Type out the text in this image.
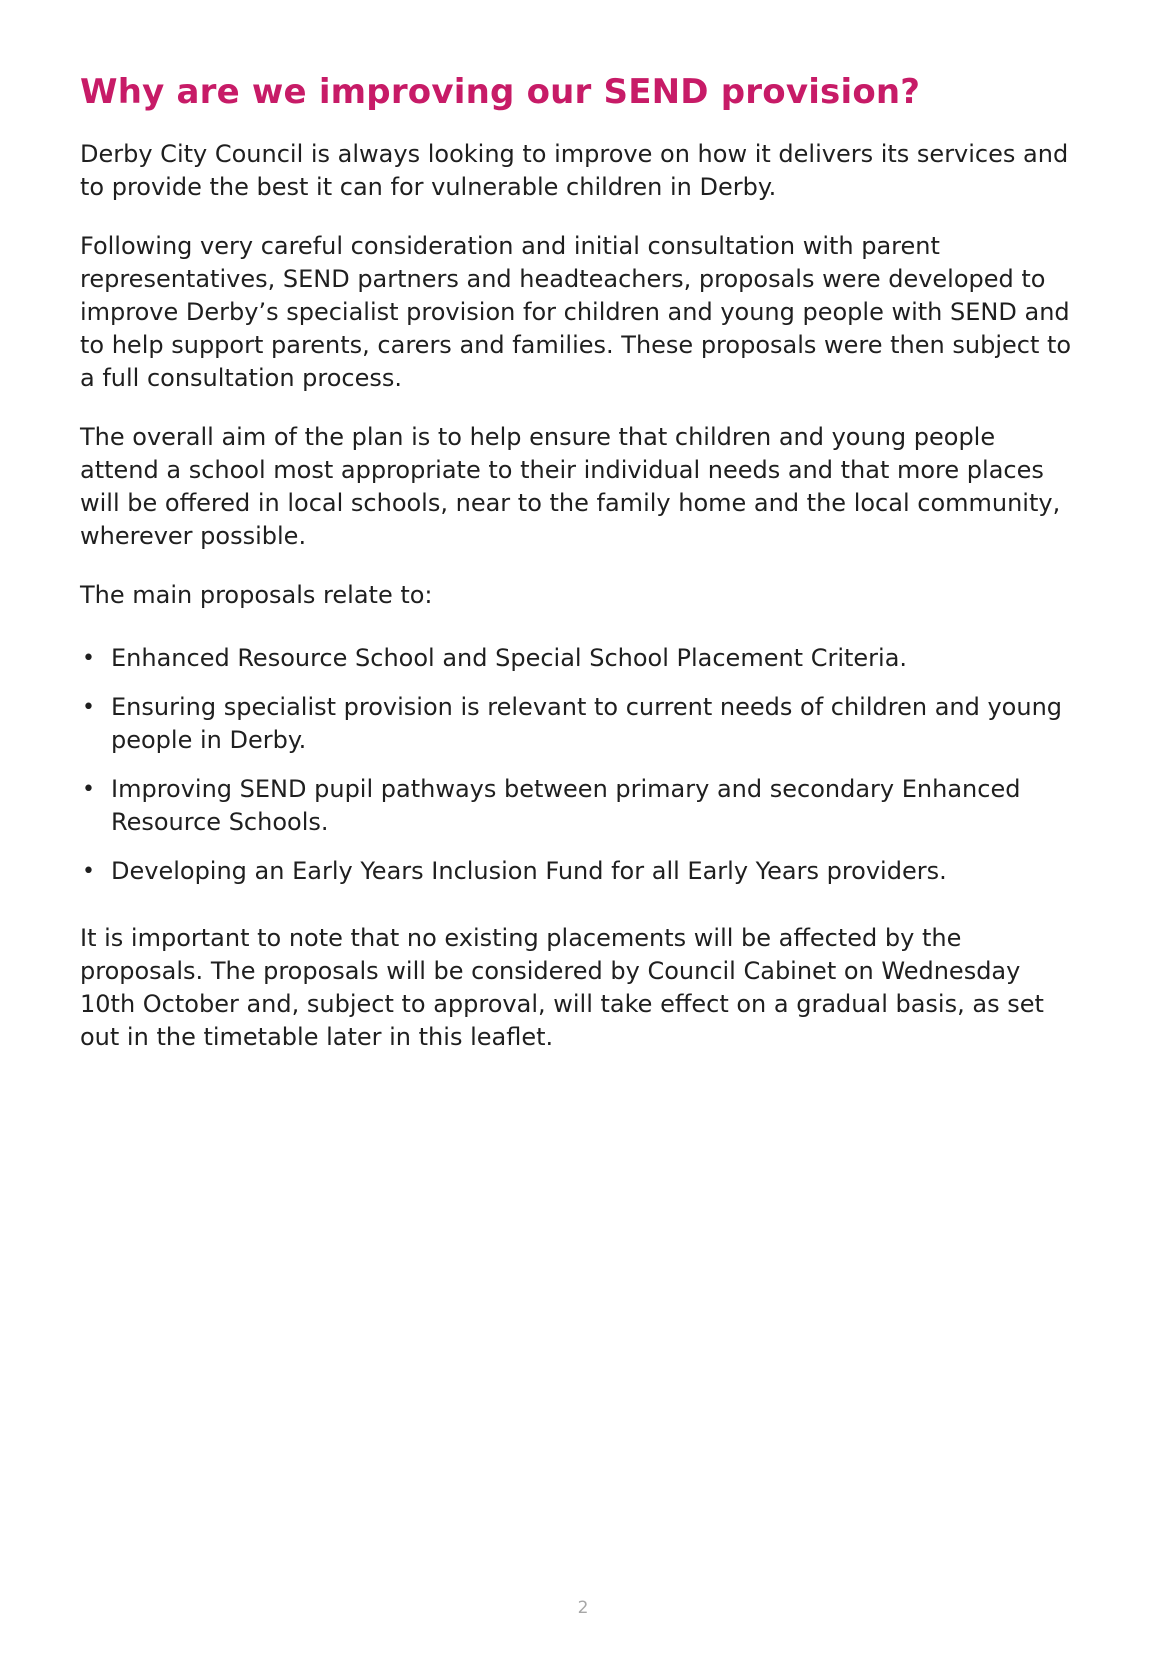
Why are we improving our SEND provision?

Derby City Council is always looking to improve on how it delivers its services and to provide the best it can for vulnerable children in Derby.

Following very careful consideration and initial consultation with parent representatives, SEND partners and headteachers, proposals were developed to improve Derby’s specialist provision for children and young people with SEND and to help support parents, carers and families. These proposals were then subject to a full consultation process.

The overall aim of the plan is to help ensure that children and young people attend a school most appropriate to their individual needs and that more places will be offered in local schools, near to the family home and the local community, wherever possible.

The main proposals relate to:

• Enhanced Resource School and Special School Placement Criteria.
• Ensuring specialist provision is relevant to current needs of children and young people in Derby.
• Improving SEND pupil pathways between primary and secondary Enhanced Resource Schools.
• Developing an Early Years Inclusion Fund for all Early Years providers.

It is important to note that no existing placements will be affected by the proposals. The proposals will be considered by Council Cabinet on Wednesday 10th October and, subject to approval, will take effect on a gradual basis, as set out in the timetable later in this leaflet.

2
